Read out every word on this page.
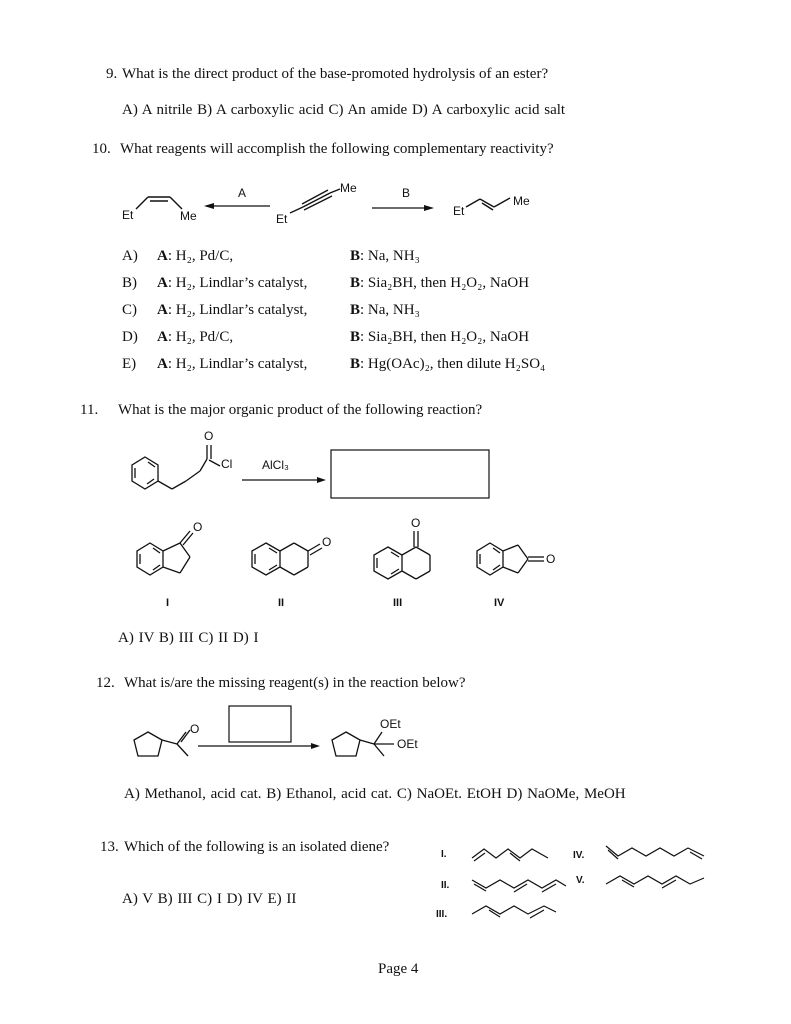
9. What is the direct product of the base-promoted hydrolysis of an ester?
A) A nitrile B) A carboxylic acid C) An amide D) A carboxylic acid salt
10. What reagents will accomplish the following complementary reactivity?
Et	Me
A
Et
Me	B
Et
Me
A) A: H₂, Pd/C,	B: Na, NH₃
B) A: H₂, Lindlar’s catalyst,	B: Sia₂BH, then H₂O₂, NaOH
C) A: H₂, Lindlar’s catalyst,	B: Na, NH₃
D) A: H₂, Pd/C,	B: Sia₂BH, then H₂O₂, NaOH
E) A: H₂, Lindlar’s catalyst,	B: Hg(OAc)₂, then dilute H₂SO₄
11. What is the major organic product of the following reaction?
O
Cl AlCl₃
O
I
O
II
O
III
O
IV
A) IV B) III C) II D) I
12. What is/are the missing reagent(s) in the reaction below?
O	OEt
OEt
A) Methanol, acid cat. B) Ethanol, acid cat. C) NaOEt. EtOH D) NaOMe, MeOH
13. Which of the following is an isolated diene?
A) V B) III C) I D) IV E) II
I.
II.
III.
IV.
V.
Page 4
